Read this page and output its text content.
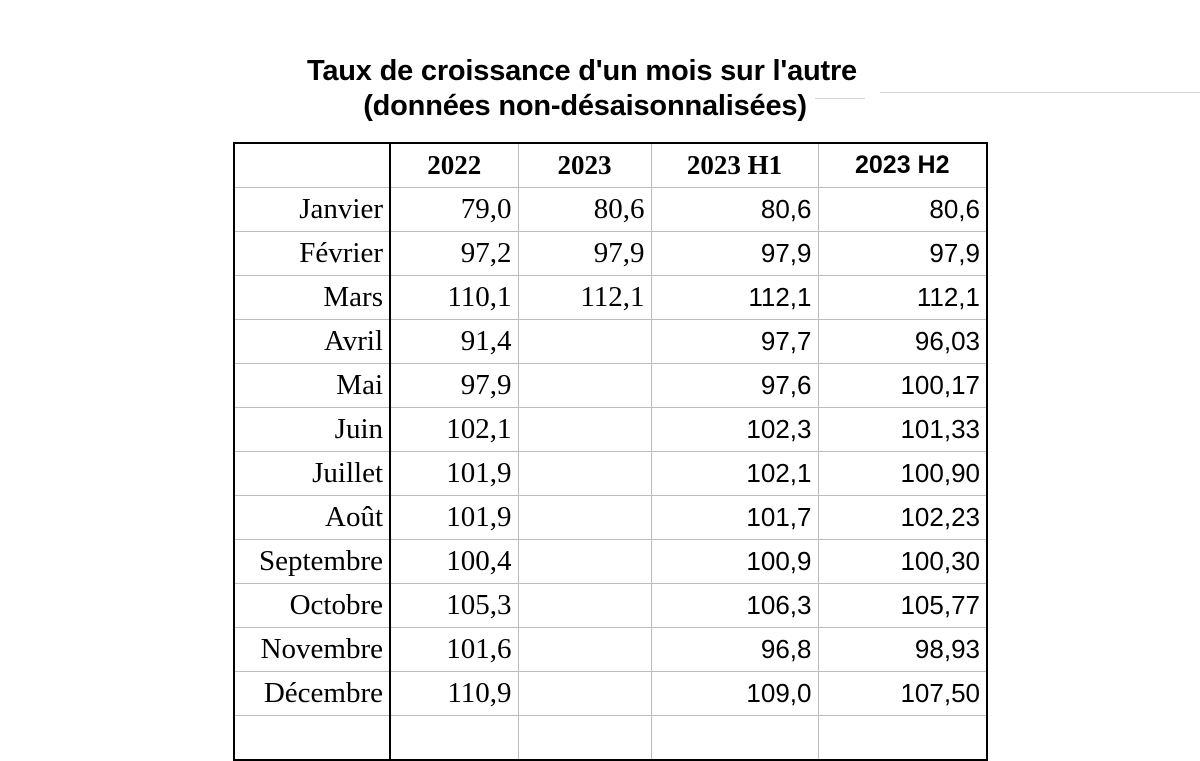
Taux de croissance d'un mois sur l'autre
(données non-désaisonnalisées)
	2022	2023	2023 H1	2023 H2
Janvier	79,0	80,6	80,6	80,6
Février	97,2	97,9	97,9	97,9
Mars	110,1	112,1	112,1	112,1
Avril	91,4		97,7	96,03
Mai	97,9		97,6	100,17
Juin	102,1		102,3	101,33
Juillet	101,9		102,1	100,90
Août	101,9		101,7	102,23
Septembre	100,4		100,9	100,30
Octobre	105,3		106,3	105,77
Novembre	101,6		96,8	98,93
Décembre	110,9		109,0	107,50
